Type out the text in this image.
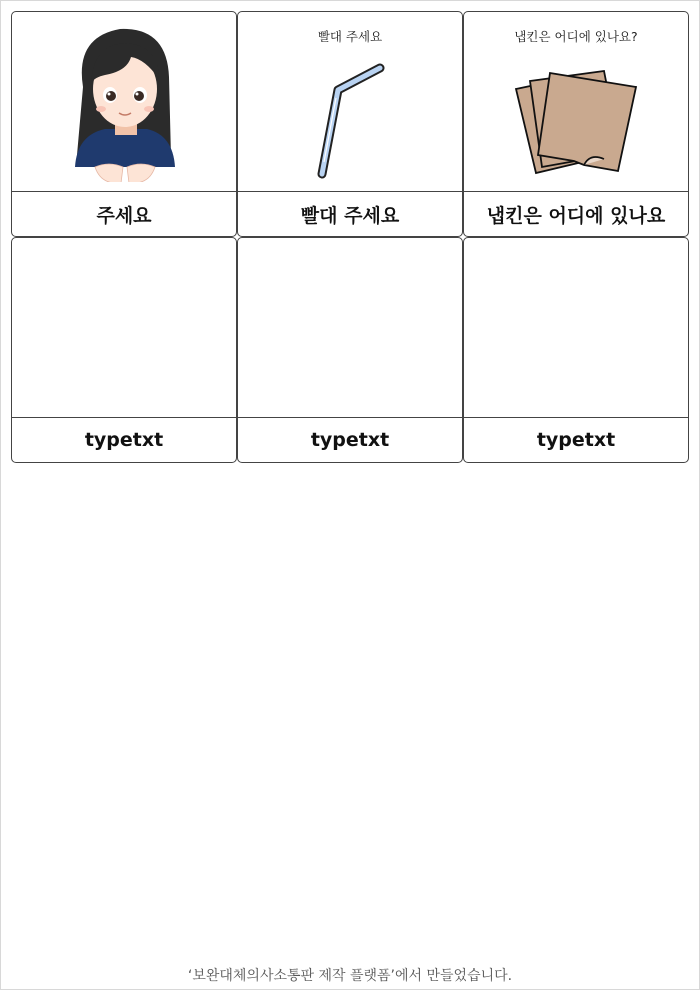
주세요
빨대 주세요
빨대 주세요
냅킨은 어디에 있나요?
냅킨은 어디에 있나요
typetxt	typetxt	typetxt
‘보완대체의사소통판 제작 플랫폼’에서 만들었습니다.
